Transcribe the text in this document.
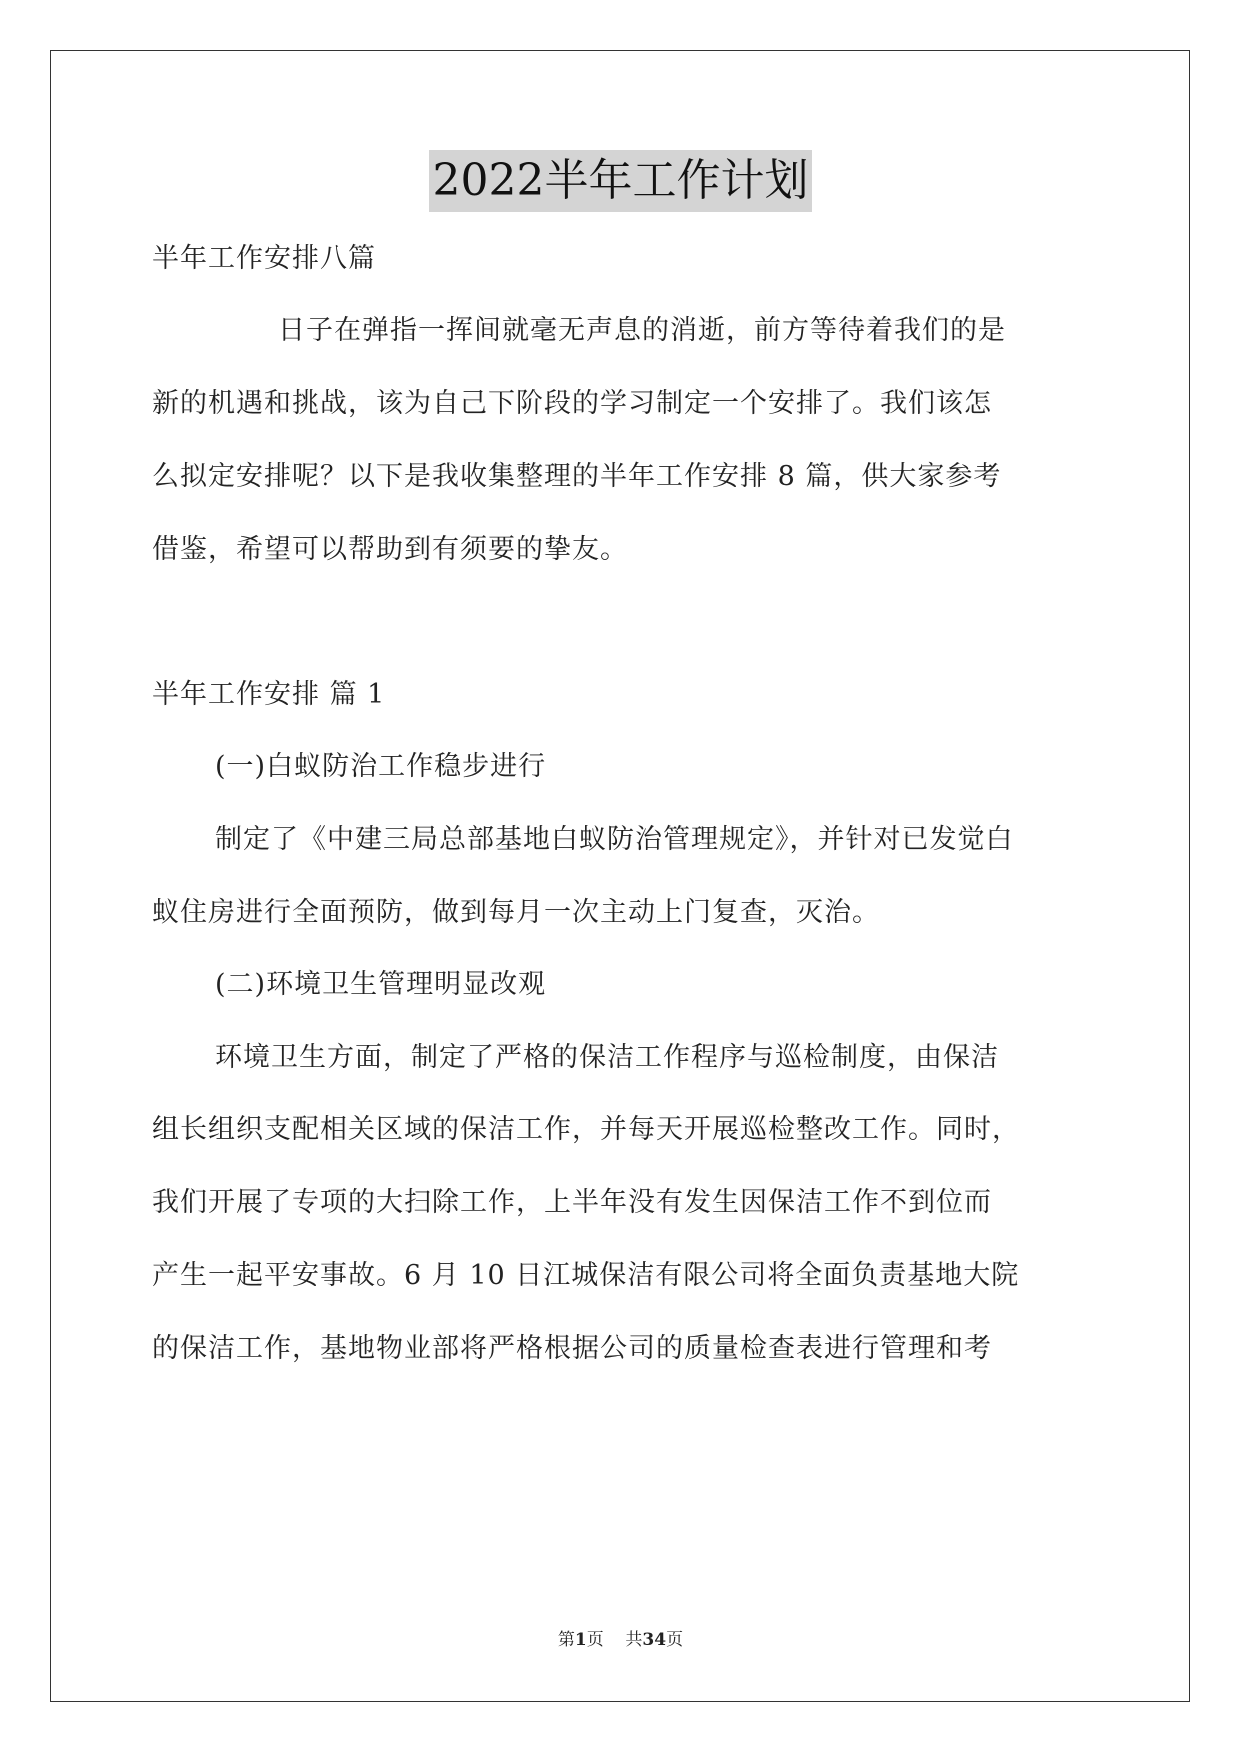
2022半年工作计划
半年工作安排八篇
日子在弹指一挥间就毫无声息的消逝，前方等待着我们的是
新的机遇和挑战，该为自己下阶段的学习制定一个安排了。我们该怎
么拟定安排呢？以下是我收集整理的半年工作安排 8 篇，供大家参考
借鉴，希望可以帮助到有须要的挚友。
半年工作安排 篇 1
(一)白蚁防治工作稳步进行
制定了《中建三局总部基地白蚁防治管理规定》，并针对已发觉白
蚁住房进行全面预防，做到每月一次主动上门复查，灭治。
(二)环境卫生管理明显改观
环境卫生方面，制定了严格的保洁工作程序与巡检制度，由保洁
组长组织支配相关区域的保洁工作，并每天开展巡检整改工作。同时，
我们开展了专项的大扫除工作，上半年没有发生因保洁工作不到位而
产生一起平安事故。6 月 10 日江城保洁有限公司将全面负责基地大院
的保洁工作，基地物业部将严格根据公司的质量检查表进行管理和考
第1页 共34页
